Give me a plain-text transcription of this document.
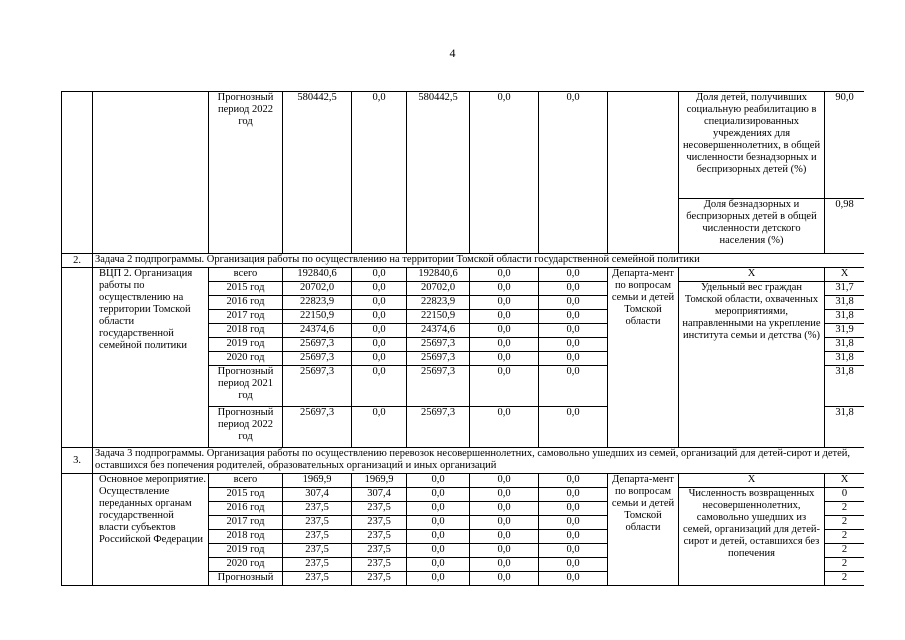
4
		Прогнозный период 2022 год	580442,5	0,0	580442,5	0,0	0,0		Доля детей, получивших социальную реабилитацию в специализированных учреждениях для несовершеннолетних, в общей численности безнадзорных и беспризорных детей (%)	90,0
									Доля безнадзорных и беспризорных детей в общей численности детского населения (%)	0,98
2.	Задача 2 подпрограммы. Организация работы по осуществлению на территории Томской области государственной семейной политики									
	ВЦП 2. Организация работы по осуществлению на территории Томской области государственной семейной политики	всего	192840,6	0,0	192840,6	0,0	0,0	Департа-мент по вопросам семьи и детей Томской области	Х	Х
		2015 год	20702,0	0,0	20702,0	0,0	0,0		Удельный вес граждан Томской области, охваченных мероприятиями, направленными на укрепление института семьи и детства (%)	31,7
		2016 год	22823,9	0,0	22823,9	0,0	0,0			31,8
		2017 год	22150,9	0,0	22150,9	0,0	0,0			31,8
		2018 год	24374,6	0,0	24374,6	0,0	0,0			31,9
		2019 год	25697,3	0,0	25697,3	0,0	0,0			31,8
		2020 год	25697,3	0,0	25697,3	0,0	0,0			31,8
		Прогнозный период 2021 год	25697,3	0,0	25697,3	0,0	0,0			31,8
		Прогнозный период 2022 год	25697,3	0,0	25697,3	0,0	0,0			31,8
3.	Задача 3 подпрограммы. Организация работы по осуществлению перевозок несовершеннолетних, самовольно ушедших из семей, организаций для детей-сирот и детей, оставшихся без попечения родителей, образовательных организаций и иных организаций									
	Основное мероприятие. Осуществление переданных органам государственной власти субъектов Российской Федерации	всего	1969,9	1969,9	0,0	0,0	0,0	Департа-мент по вопросам семьи и детей Томской области	Х	Х
		2015 год	307,4	307,4	0,0	0,0	0,0		Численность возвращенных несовершеннолетних, самовольно ушедших из семей, организаций для детей-сирот и детей, оставшихся без попечения	0
		2016 год	237,5	237,5	0,0	0,0	0,0			2
		2017 год	237,5	237,5	0,0	0,0	0,0			2
		2018 год	237,5	237,5	0,0	0,0	0,0			2
		2019 год	237,5	237,5	0,0	0,0	0,0			2
		2020 год	237,5	237,5	0,0	0,0	0,0			2
		Прогнозный	237,5	237,5	0,0	0,0	0,0			2
